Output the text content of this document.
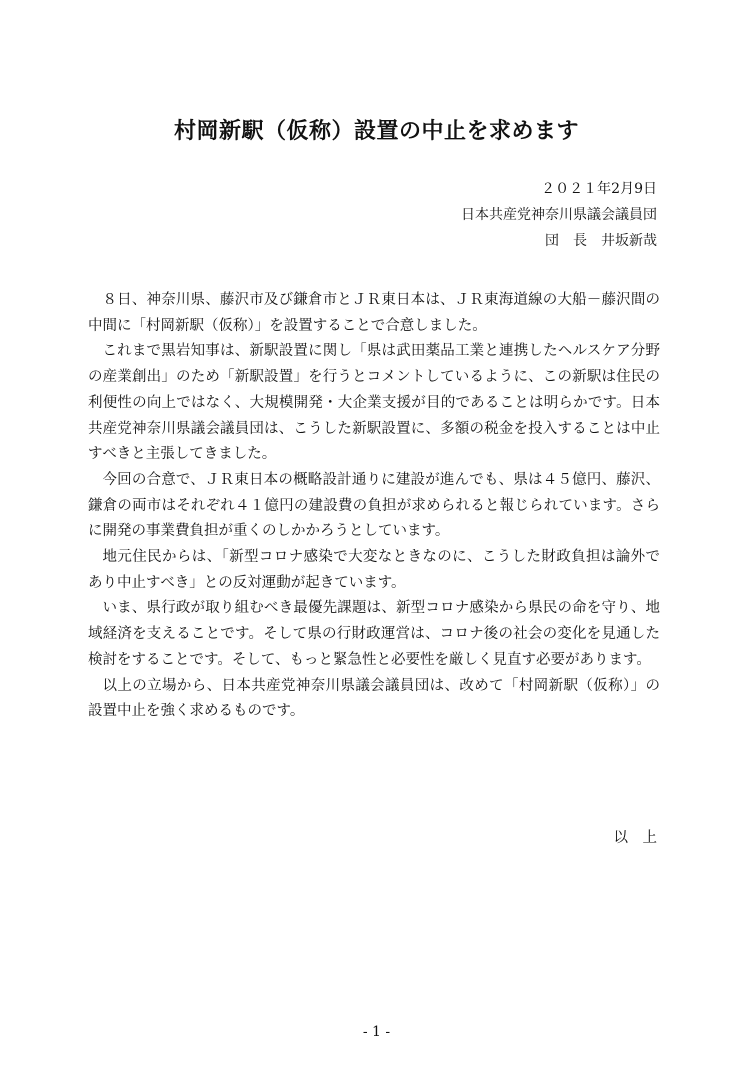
村岡新駅（仮称）設置の中止を求めます
２０２１年2月9日
日本共産党神奈川県議会議員団
団　長　井坂新哉

８日、神奈川県、藤沢市及び鎌倉市とＪＲ東日本は、ＪＲ東海道線の大船－藤沢間の中間に「村岡新駅（仮称）」を設置することで合意しました。

これまで黒岩知事は、新駅設置に関し「県は武田薬品工業と連携したヘルスケア分野の産業創出」のため「新駅設置」を行うとコメントしているように、この新駅は住民の利便性の向上ではなく、大規模開発・大企業支援が目的であることは明らかです。日本共産党神奈川県議会議員団は、こうした新駅設置に、多額の税金を投入することは中止すべきと主張してきました。

今回の合意で、ＪＲ東日本の概略設計通りに建設が進んでも、県は４５億円、藤沢、鎌倉の両市はそれぞれ４１億円の建設費の負担が求められると報じられています。さらに開発の事業費負担が重くのしかかろうとしています。

地元住民からは、「新型コロナ感染で大変なときなのに、こうした財政負担は論外であり中止すべき」との反対運動が起きています。

いま、県行政が取り組むべき最優先課題は、新型コロナ感染から県民の命を守り、地域経済を支えることです。そして県の行財政運営は、コロナ後の社会の変化を見通した検討をすることです。そして、もっと緊急性と必要性を厳しく見直す必要があります。

以上の立場から、日本共産党神奈川県議会議員団は、改めて「村岡新駅（仮称）」の設置中止を強く求めるものです。

以　上
- 1 -
